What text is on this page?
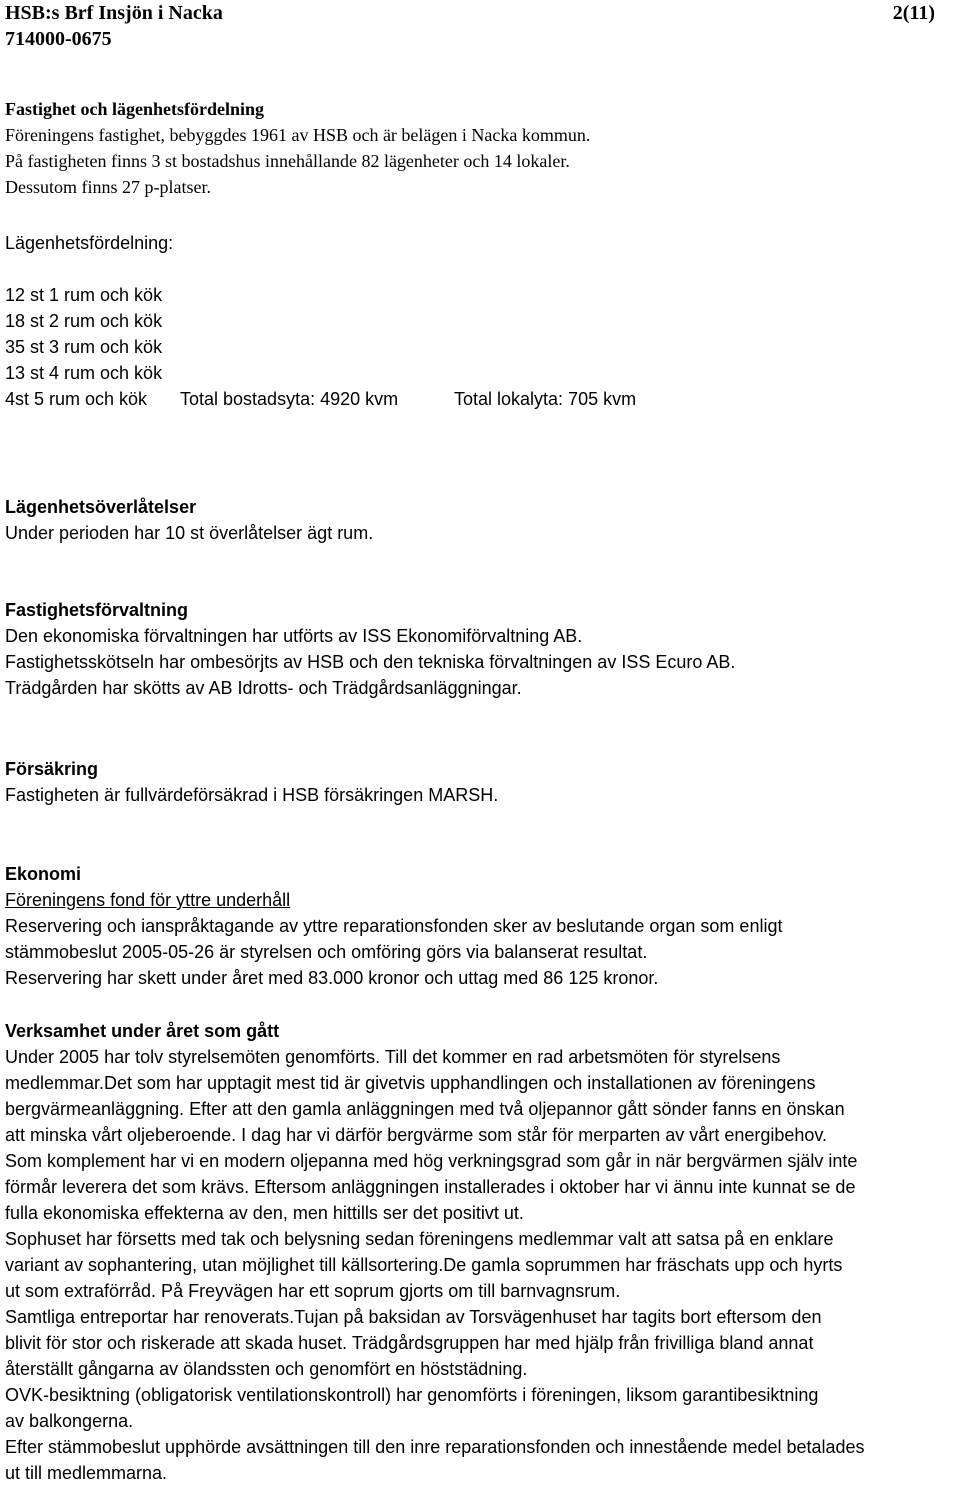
HSB:s Brf Insjön i Nacka	2(11)
714000-0675
Fastighet och lägenhetsfördelning
Föreningens fastighet, bebyggdes 1961 av HSB och är belägen i Nacka kommun.
På fastigheten finns 3 st bostadshus innehållande 82 lägenheter och 14 lokaler.
Dessutom finns 27 p-platser.
Lägenhetsfördelning:
12 st 1 rum och kök
18 st 2 rum och kök
35 st 3 rum och kök
13 st 4 rum och kök
4st 5 rum och kök Total bostadsyta: 4920 kvm	Total lokalyta: 705 kvm
Lägenhetsöverlåtelser
Under perioden har 10 st överlåtelser ägt rum.
Fastighetsförvaltning
Den ekonomiska förvaltningen har utförts av ISS Ekonomiförvaltning AB.
Fastighetsskötseln har ombesörjts av HSB och den tekniska förvaltningen av ISS Ecuro AB.
Trädgården har skötts av AB Idrotts- och Trädgårdsanläggningar.
Försäkring
Fastigheten är fullvärdeförsäkrad i HSB försäkringen MARSH.
Ekonomi
Föreningens fond för yttre underhåll
Reservering och ianspråktagande av yttre reparationsfonden sker av beslutande organ som enligt
stämmobeslut 2005-05-26 är styrelsen och omföring görs via balanserat resultat.
Reservering har skett under året med 83.000 kronor och uttag med 86 125 kronor.
Verksamhet under året som gått
Under 2005 har tolv styrelsemöten genomförts. Till det kommer en rad arbetsmöten för styrelsens
medlemmar.Det som har upptagit mest tid är givetvis upphandlingen och installationen av föreningens
bergvärmeanläggning. Efter att den gamla anläggningen med två oljepannor gått sönder fanns en önskan
att minska vårt oljeberoende. I dag har vi därför bergvärme som står för merparten av vårt energibehov.
Som komplement har vi en modern oljepanna med hög verkningsgrad som går in när bergvärmen själv inte
förmår leverera det som krävs. Eftersom anläggningen installerades i oktober har vi ännu inte kunnat se de
fulla ekonomiska effekterna av den, men hittills ser det positivt ut.
Sophuset har försetts med tak och belysning sedan föreningens medlemmar valt att satsa på en enklare
variant av sophantering, utan möjlighet till källsortering.De gamla soprummen har fräschats upp och hyrts
ut som extraförråd. På Freyvägen har ett soprum gjorts om till barnvagnsrum.
Samtliga entreportar har renoverats.Tujan på baksidan av Torsvägenhuset har tagits bort eftersom den
blivit för stor och riskerade att skada huset. Trädgårdsgruppen har med hjälp från frivilliga bland annat
återställt gångarna av ölandssten och genomfört en höststädning.
OVK-besiktning (obligatorisk ventilationskontroll) har genomförts i föreningen, liksom garantibesiktning
av balkongerna.
Efter stämmobeslut upphörde avsättningen till den inre reparationsfonden och innestående medel betalades
ut till medlemmarna.
